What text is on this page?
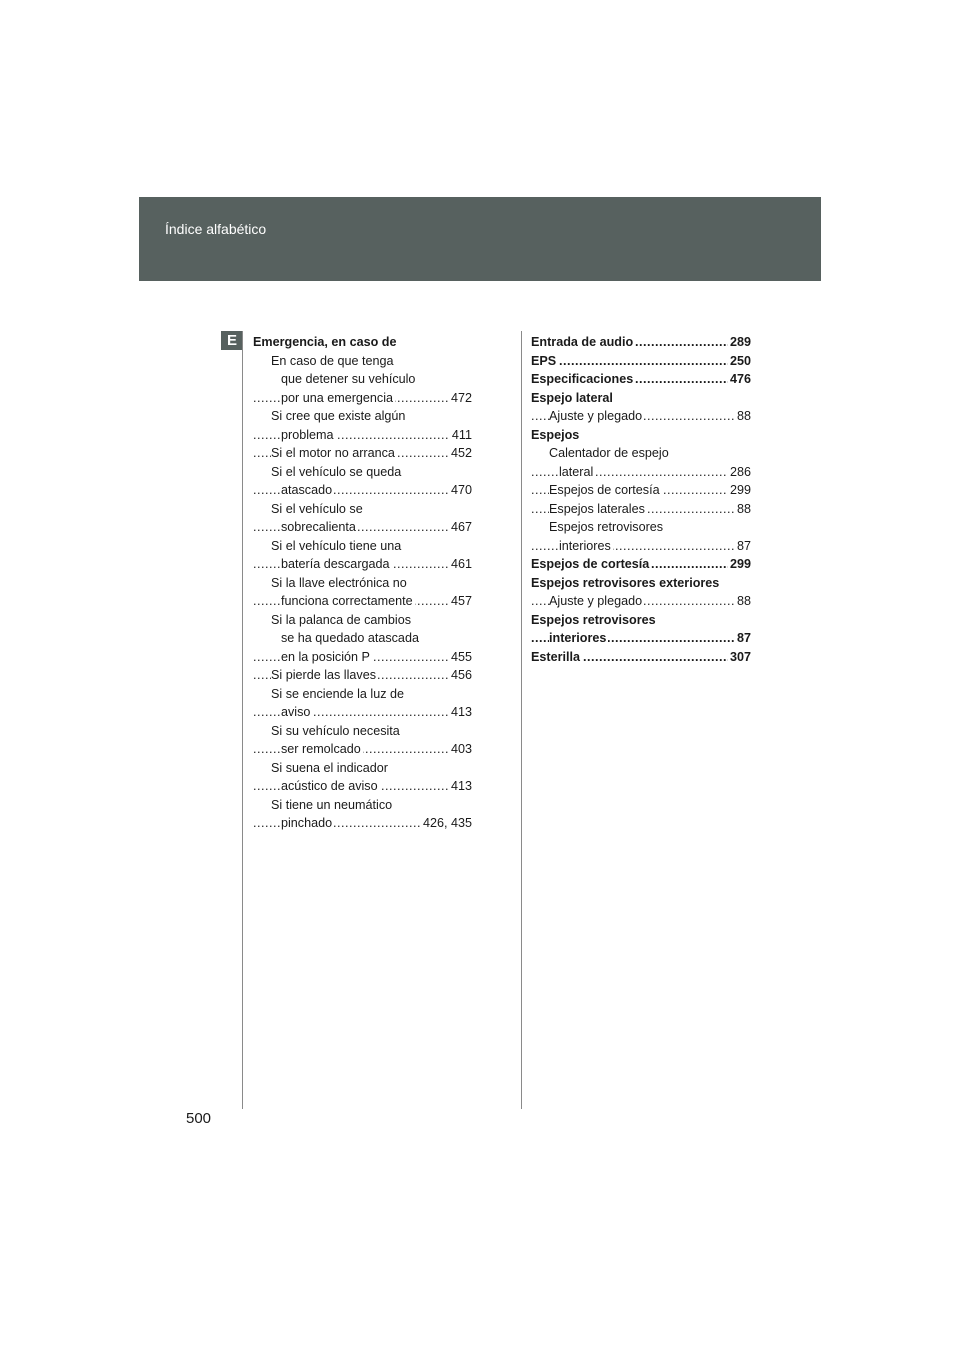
Índice alfabético
E	Emergencia, en caso de
En caso de que tenga
que detener su vehículo
..... por una emergencia	472
Si cree que existe algún
..... problema	411
..... Si el motor no arranca	452
Si el vehículo se queda
..... atascado	470
Si el vehículo se
..... sobrecalienta	467
Si el vehículo tiene una
..... batería descargada	461
Si la llave electrónica no
..... funciona correctamente	457
Si la palanca de cambios
se ha quedado atascada
..... en la posición P	455
..... Si pierde las llaves	456
Si se enciende la luz de
..... aviso	413
Si su vehículo necesita
..... ser remolcado	403
Si suena el indicador
..... acústico de aviso	413
Si tiene un neumático
..... pinchado	426, 435
..... Entrada de audio	289
..... EPS	250
..... Especificaciones	476
Espejo lateral
..... Ajuste y plegado	88
Espejos
Calentador de espejo
..... lateral	286
..... Espejos de cortesía	299
..... Espejos laterales	88
Espejos retrovisores
..... interiores	87
..... Espejos de cortesía	299
Espejos retrovisores exteriores
..... Ajuste y plegado	88
Espejos retrovisores
..... interiores	87
..... Esterilla	307
500
